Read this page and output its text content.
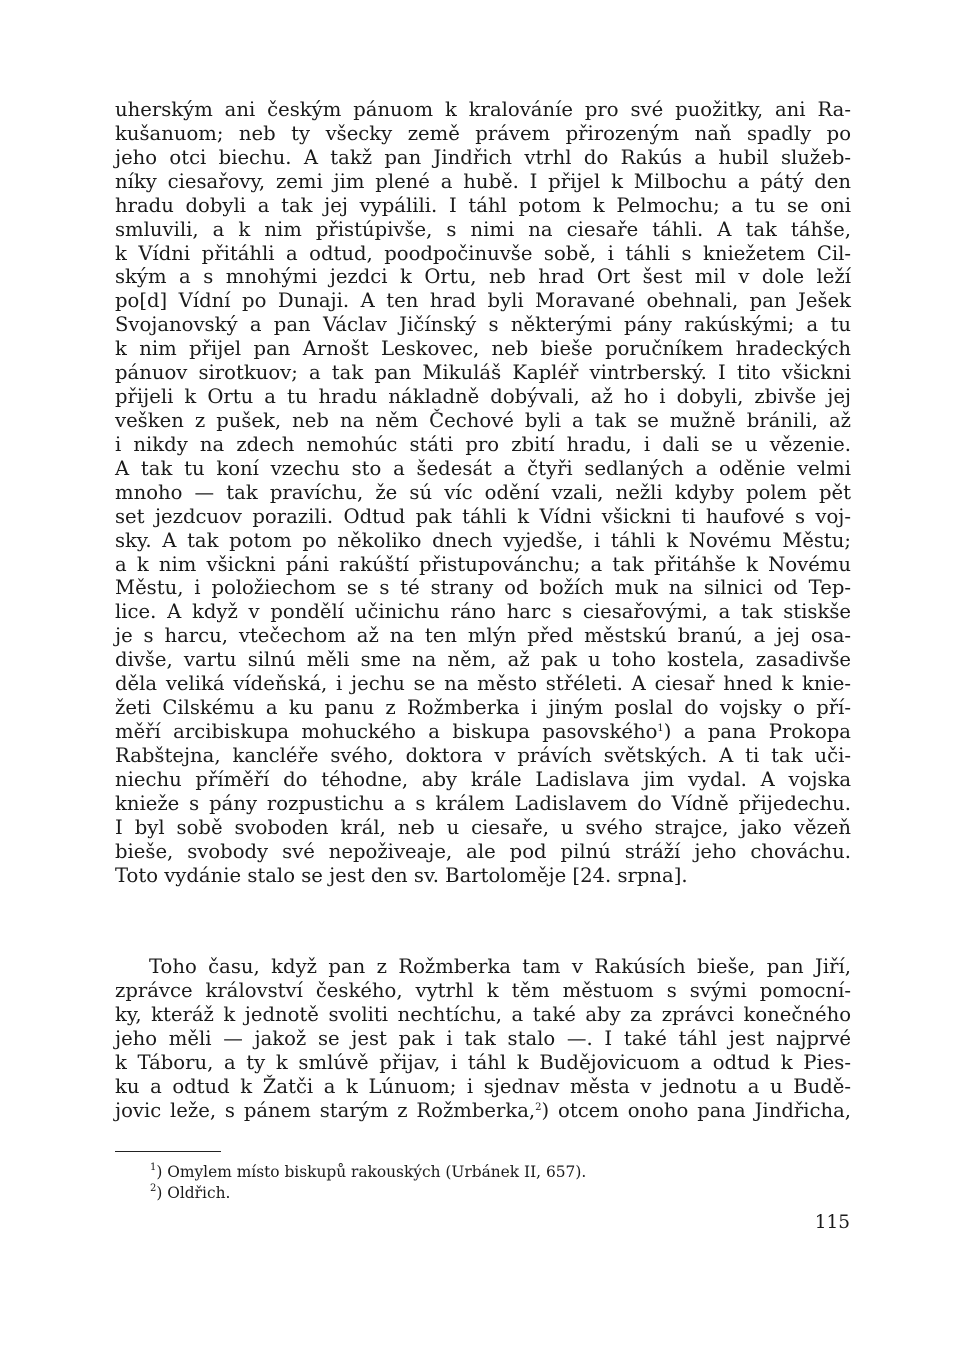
uherským ani českým pánuom k kralováníe pro své puožitky, ani Ra-
kušanuom; neb ty všecky země právem přirozeným naň spadly po
jeho otci biechu. A takž pan Jindřich vtrhl do Rakús a hubil služeb-
níky ciesařovy, zemi jim plené a hubě. I přijel k Milbochu a pátý den
hradu dobyli a tak jej vypálili. I táhl potom k Pelmochu; a tu se oni
smluvili, a k nim přistúpivše, s nimi na ciesaře táhli. A tak táhše,
k Vídni přitáhli a odtud, poodpočinuvše sobě, i táhli s kniežetem Cil-
ským a s mnohými jezdci k Ortu, neb hrad Ort šest mil v dole leží
po[d] Vídní po Dunaji. A ten hrad byli Moravané obehnali, pan Ješek
Svojanovský a pan Václav Jičínský s některými pány rakúskými; a tu
k nim přijel pan Arnošt Leskovec, neb bieše poručníkem hradeckých
pánuov sirotkuov; a tak pan Mikuláš Kapléř vintrberský. I tito všickni
přijeli k Ortu a tu hradu nákladně dobývali, až ho i dobyli, zbivše jej
vešken z pušek, neb na něm Čechové byli a tak se mužně bránili, až
i nikdy na zdech nemohúc státi pro zbití hradu, i dali se u vězenie.
A tak tu koní vzechu sto a šedesát a čtyři sedlaných a oděnie velmi
mnoho — tak pravíchu, že sú víc odění vzali, nežli kdyby polem pět
set jezdcuov porazili. Odtud pak táhli k Vídni všickni ti haufové s voj-
sky. A tak potom po několiko dnech vyjedše, i táhli k Novému Městu;
a k nim všickni páni rakúští přistupovánchu; a tak přitáhše k Novému
Městu, i položiechom se s té strany od božích muk na silnici od Tep-
lice. A když v pondělí učinichu ráno harc s ciesařovými, a tak stiskše
je s harcu, vtečechom až na ten mlýn před městskú branú, a jej osa-
divše, vartu silnú měli sme na něm, až pak u toho kostela, zasadivše
děla veliká vídeňská, i jechu se na město střéleti. A ciesař hned k knie-
žeti Cilskému a ku panu z Rožmberka i jiným poslal do vojsky o pří-
měří arcibiskupa mohuckého a biskupa pasovského$^1$) a pana Prokopa
Rabštejna, kancléře svého, doktora v právích světských. A ti tak uči-
niechu příměří do téhodne, aby krále Ladislava jim vydal. A vojska
knieže s pány rozpustichu a s králem Ladislavem do Vídně přijedechu.
I byl sobě svoboden král, neb u ciesaře, u svého strajce, jako vězeň
bieše, svobody své nepoživeaje, ale pod pilnú stráží jeho chováchu.
Toto vydánie stalo se jest den sv. Bartoloměje [24. srpna].
Toho času, když pan z Rožmberka tam v Rakúsích bieše, pan Jiří,
zprávce království českého, vytrhl k těm městuom s svými pomocní-
ky, kteráž k jednotě svoliti nechtíchu, a také aby za zprávci konečného
jeho měli — jakož se jest pak i tak stalo —. I také táhl jest najprvé
k Táboru, a ty k smlúvě přijav, i táhl k Budějovicuom a odtud k Pies-
ku a odtud k Žatči a k Lúnuom; i sjednav města v jednotu a u Budě-
jovic leže, s pánem starým z Rožmberka,$^2$) otcem onoho pana Jindřicha,
$^1$) Omylem místo biskupů rakouských (Urbánek II, 657).
$^2$) Oldřich.
115
